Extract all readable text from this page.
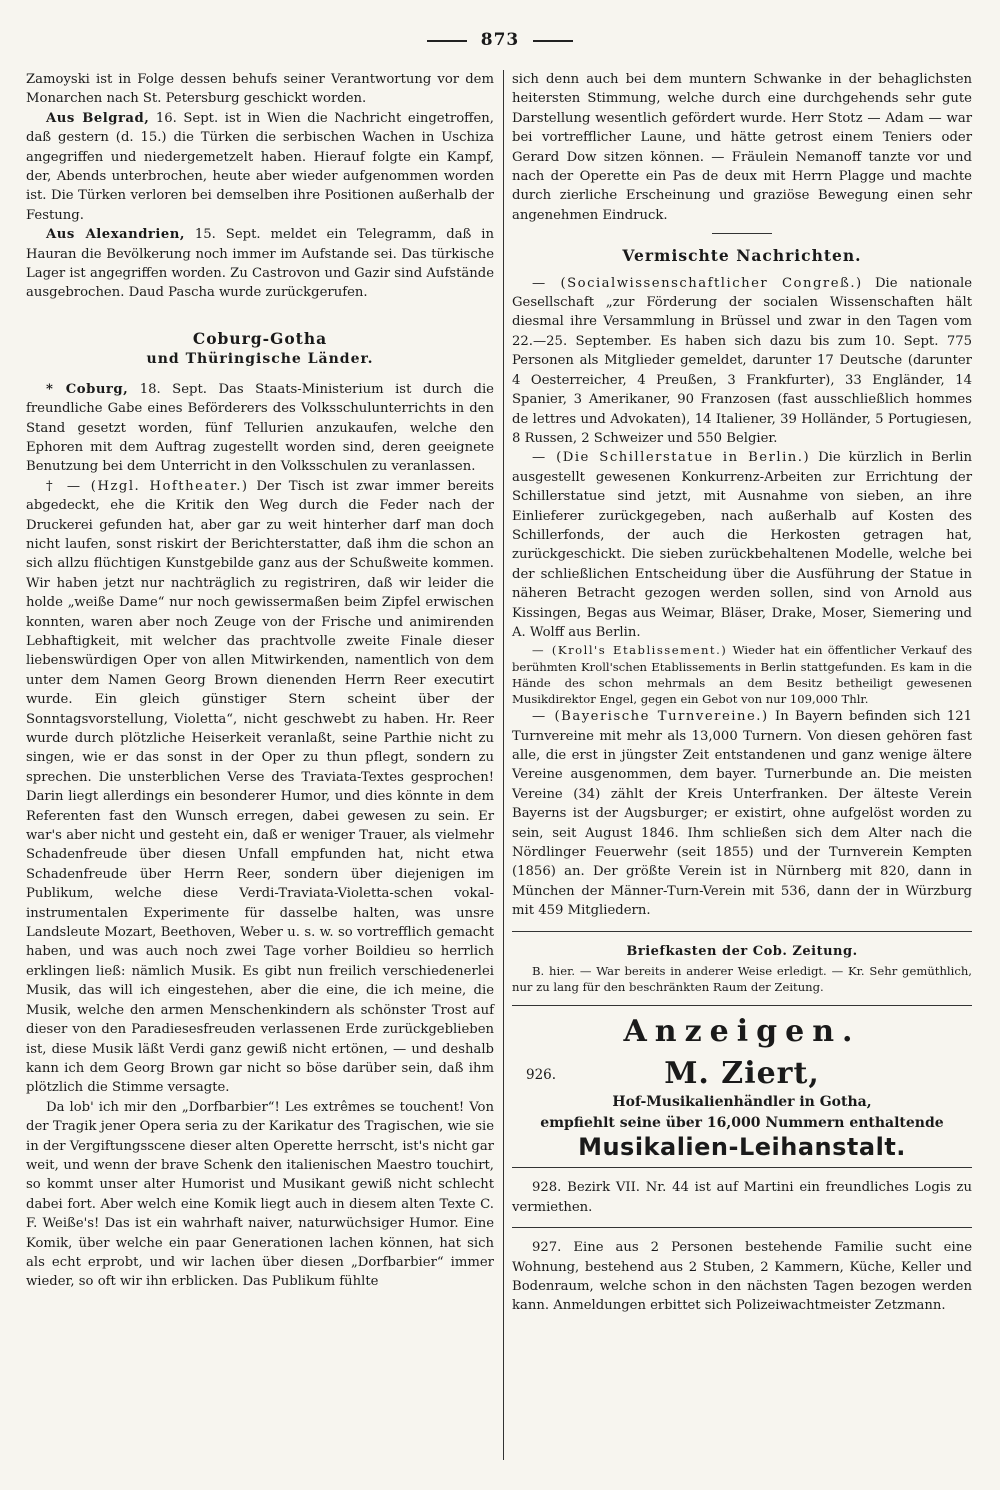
873

Zamoyski ist in Folge dessen behufs seiner Verantwortung vor dem Monarchen nach St. Petersburg geschickt worden.

Aus Belgrad, 16. Sept. ist in Wien die Nachricht eingetroffen, daß gestern (d. 15.) die Türken die serbischen Wachen in Uschiza angegriffen und niedergemetzelt haben. Hierauf folgte ein Kampf, der, Abends unterbrochen, heute aber wieder aufgenommen worden ist. Die Türken verloren bei demselben ihre Positionen außerhalb der Festung.

Aus Alexandrien, 15. Sept. meldet ein Telegramm, daß in Hauran die Bevölkerung noch immer im Aufstande sei. Das türkische Lager ist angegriffen worden. Zu Castrovon und Gazir sind Aufstände ausgebrochen. Daud Pascha wurde zurückgerufen.

Coburg-Gotha
und Thüringische Länder.

* Coburg, 18. Sept. Das Staats-Ministerium ist durch die freundliche Gabe eines Beförderers des Volksschulunterrichts in den Stand gesetzt worden, fünf Tellurien anzukaufen, welche den Ephoren mit dem Auftrag zugestellt worden sind, deren geeignete Benutzung bei dem Unterricht in den Volksschulen zu veranlassen.

† — (Hzgl. Hoftheater.) Der Tisch ist zwar immer bereits abgedeckt, ehe die Kritik den Weg durch die Feder nach der Druckerei gefunden hat, aber gar zu weit hinterher darf man doch nicht laufen, sonst riskirt der Berichterstatter, daß ihm die schon an sich allzu flüchtigen Kunstgebilde ganz aus der Schußweite kommen. Wir haben jetzt nur nachträglich zu registriren, daß wir leider die holde „weiße Dame“ nur noch gewissermaßen beim Zipfel erwischen konnten, waren aber noch Zeuge von der Frische und animirenden Lebhaftigkeit, mit welcher das prachtvolle zweite Finale dieser liebenswürdigen Oper von allen Mitwirkenden, namentlich von dem unter dem Namen Georg Brown dienenden Herrn Reer executirt wurde. Ein gleich günstiger Stern scheint über der Sonntagsvorstellung, Violetta“, nicht geschwebt zu haben. Hr. Reer wurde durch plötzliche Heiserkeit veranlaßt, seine Parthie nicht zu singen, wie er das sonst in der Oper zu thun pflegt, sondern zu sprechen. Die unsterblichen Verse des Traviata-Textes gesprochen! Darin liegt allerdings ein besonderer Humor, und dies könnte in dem Referenten fast den Wunsch erregen, dabei gewesen zu sein. Er war's aber nicht und gesteht ein, daß er weniger Trauer, als vielmehr Schadenfreude über diesen Unfall empfunden hat, nicht etwa Schadenfreude über Herrn Reer, sondern über diejenigen im Publikum, welche diese Verdi-Traviata-Violetta-schen vokal-instrumentalen Experimente für dasselbe halten, was unsre Landsleute Mozart, Beethoven, Weber u. s. w. so vortrefflich gemacht haben, und was auch noch zwei Tage vorher Boildieu so herrlich erklingen ließ: nämlich Musik. Es gibt nun freilich verschiedenerlei Musik, das will ich eingestehen, aber die eine, die ich meine, die Musik, welche den armen Menschenkindern als schönster Trost auf dieser von den Paradiesesfreuden verlassenen Erde zurückgeblieben ist, diese Musik läßt Verdi ganz gewiß nicht ertönen, — und deshalb kann ich dem Georg Brown gar nicht so böse darüber sein, daß ihm plötzlich die Stimme versagte.

Da lob' ich mir den „Dorfbarbier“! Les extrêmes se touchent! Von der Tragik jener Opera seria zu der Karikatur des Tragischen, wie sie in der Vergiftungsscene dieser alten Operette herrscht, ist's nicht gar weit, und wenn der brave Schenk den italienischen Maestro touchirt, so kommt unser alter Humorist und Musikant gewiß nicht schlecht dabei fort. Aber welch eine Komik liegt auch in diesem alten Texte C. F. Weiße's! Das ist ein wahrhaft naiver, naturwüchsiger Humor. Eine Komik, über welche ein paar Generationen lachen können, hat sich als echt erprobt, und wir lachen über diesen „Dorfbarbier“ immer wieder, so oft wir ihn erblicken. Das Publikum fühlte

sich denn auch bei dem muntern Schwanke in der behaglichsten heitersten Stimmung, welche durch eine durchgehends sehr gute Darstellung wesentlich gefördert wurde. Herr Stotz — Adam — war bei vortrefflicher Laune, und hätte getrost einem Teniers oder Gerard Dow sitzen können. — Fräulein Nemanoff tanzte vor und nach der Operette ein Pas de deux mit Herrn Plagge und machte durch zierliche Erscheinung und graziöse Bewegung einen sehr angenehmen Eindruck.

Vermischte Nachrichten.

— (Socialwissenschaftlicher Congreß.) Die nationale Gesellschaft „zur Förderung der socialen Wissenschaften hält diesmal ihre Versammlung in Brüssel und zwar in den Tagen vom 22.—25. September. Es haben sich dazu bis zum 10. Sept. 775 Personen als Mitglieder gemeldet, darunter 17 Deutsche (darunter 4 Oesterreicher, 4 Preußen, 3 Frankfurter), 33 Engländer, 14 Spanier, 3 Amerikaner, 90 Franzosen (fast ausschließlich hommes de lettres und Advokaten), 14 Italiener, 39 Holländer, 5 Portugiesen, 8 Russen, 2 Schweizer und 550 Belgier.

— (Die Schillerstatue in Berlin.) Die kürzlich in Berlin ausgestellt gewesenen Konkurrenz-Arbeiten zur Errichtung der Schillerstatue sind jetzt, mit Ausnahme von sieben, an ihre Einlieferer zurückgegeben, nach außerhalb auf Kosten des Schillerfonds, der auch die Herkosten getragen hat, zurückgeschickt. Die sieben zurückbehaltenen Modelle, welche bei der schließlichen Entscheidung über die Ausführung der Statue in näheren Betracht gezogen werden sollen, sind von Arnold aus Kissingen, Begas aus Weimar, Bläser, Drake, Moser, Siemering und A. Wolff aus Berlin.

— (Kroll's Etablissement.) Wieder hat ein öffentlicher Verkauf des berühmten Kroll'schen Etablissements in Berlin stattgefunden. Es kam in die Hände des schon mehrmals an dem Besitz betheiligt gewesenen Musikdirektor Engel, gegen ein Gebot von nur 109,000 Thlr.

— (Bayerische Turnvereine.) In Bayern befinden sich 121 Turnvereine mit mehr als 13,000 Turnern. Von diesen gehören fast alle, die erst in jüngster Zeit entstandenen und ganz wenige ältere Vereine ausgenommen, dem bayer. Turnerbunde an. Die meisten Vereine (34) zählt der Kreis Unterfranken. Der älteste Verein Bayerns ist der Augsburger; er existirt, ohne aufgelöst worden zu sein, seit August 1846. Ihm schließen sich dem Alter nach die Nördlinger Feuerwehr (seit 1855) und der Turnverein Kempten (1856) an. Der größte Verein ist in Nürnberg mit 820, dann in München der Männer-Turn-Verein mit 536, dann der in Würzburg mit 459 Mitgliedern.

Briefkasten der Cob. Zeitung.

B. hier. — War bereits in anderer Weise erledigt. — Kr. Sehr gemüthlich, nur zu lang für den beschränkten Raum der Zeitung.

Anzeigen.
926.	M. Ziert,
Hof-Musikalienhändler in Gotha,
empfiehlt seine über 16,000 Nummern enthaltende
Musikalien-Leihanstalt.

928. Bezirk VII. Nr. 44 ist auf Martini ein freundliches Logis zu vermiethen.

927. Eine aus 2 Personen bestehende Familie sucht eine Wohnung, bestehend aus 2 Stuben, 2 Kammern, Küche, Keller und Bodenraum, welche schon in den nächsten Tagen bezogen werden kann. Anmeldungen erbittet sich Polizeiwachtmeister Zetzmann.
